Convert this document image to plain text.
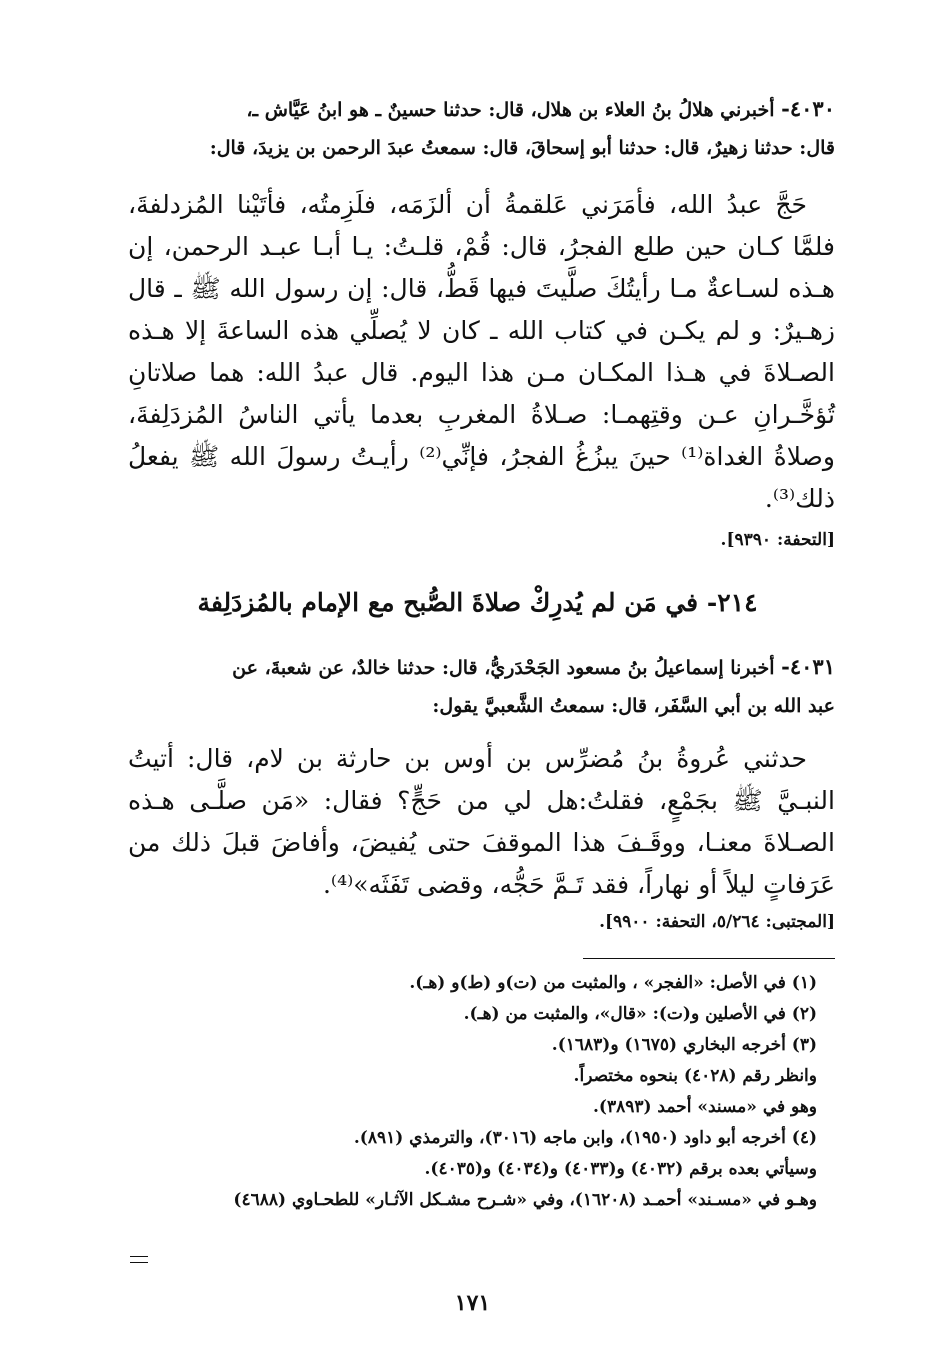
٤٠٣٠- أخبرني هلالُ بنُ العلاء بن هلال، قال: حدثنا حسينٌ ـ هو ابنُ عَيَّاش ـ،
قال: حدثنا زهيرٌ، قال: حدثنا أبو إسحاقَ، قال: سمعتُ عبدَ الرحمن بن يزيدَ، قال:

حَجَّ عبدُ الله، فأمَرَني عَلقمةُ أن ألزَمَه، فلَزِمتُه، فأتَيْنا المُزدلفةَ، فلمَّا كـان حين طلع الفجرُ، قال: قُمْ، قلـتُ: يـا أبـا عبـد الرحمن، إن هـذه لسـاعةٌ مـا رأيتُكَ صلَّيتَ فيها قَطُّ، قال: إن رسول الله ﷺ ـ قال زهـيرٌ: و لم يكـن في كتاب الله ـ كان لا يُصلِّي هذه الساعةَ إلا هـذه الصـلاةَ في هـذا المكـان مـن هذا اليوم. قال عبدُ الله: هما صلاتانِ تُؤخَّـرانِ عـن وقتِهمـا: صـلاةُ المغربِ بعدما يأتي الناسُ المُزدَلِفةَ، وصلاةُ الغداة⁽¹⁾ حينَ يبزُغُ الفجرُ، فإنِّي⁽²⁾ رأيـتُ رسولَ الله ﷺ يفعلُ ذلك⁽³⁾.

[التحفة: ٩٣٩٠].
٢١٤- في مَن لم يُدرِكْ صلاةَ الصُّبح مع الإمام بالمُزدَلِفة
٤٠٣١- أخبرنا إسماعيلُ بنُ مسعود الجَحْدَريُّ، قال: حدثنا خالدٌ، عن شعبةَ، عن
عبد الله بن أبي السَّفَر، قال: سمعتُ الشَّعبيَّ يقول:

حدثني عُروةُ بنُ مُضرِّس بن أوس بن حارثة بن لام، قال: أتيتُ النبـيَّ ﷺ بجَمْعٍ، فقلتُ:هل لي من حَجٍّ؟ فقال: «مَن صلَّـى هـذه الصـلاةَ معنـا، ووقَـفَ هذا الموقفَ حتى يُفيضَ، وأفاضَ قبلَ ذلك من عَرَفاتٍ ليلاً أو نهاراً، فقد تَـمَّ حَجُّه، وقضى تَفَثَه»⁽⁴⁾.

[المجتبى: ٥/٢٦٤، التحفة: ٩٩٠٠].
(١) في الأصل: «الفجر» ، والمثبت من (ت)و (ط)و (هـ).
(٢) في الأصلين و(ت): «قال»، والمثبت من (هـ).
(٣) أخرجه البخاري (١٦٧٥) و(١٦٨٣).
وانظر رقم (٤٠٢٨) بنحوه مختصراً.
وهو في «مسند» أحمد (٣٨٩٣).
(٤) أخرجه أبو داود (١٩٥٠)، وابن ماجه (٣٠١٦)، والترمذي (٨٩١).
وسيأتي بعده برقم (٤٠٣٢) و(٤٠٣٣) و(٤٠٣٤) و(٤٠٣٥).
وهـو في «مسـند» أحمـد (١٦٢٠٨)، وفي «شـرح مشـكل الآثـار» للطحـاوي (٤٦٨٨)
١٧١
